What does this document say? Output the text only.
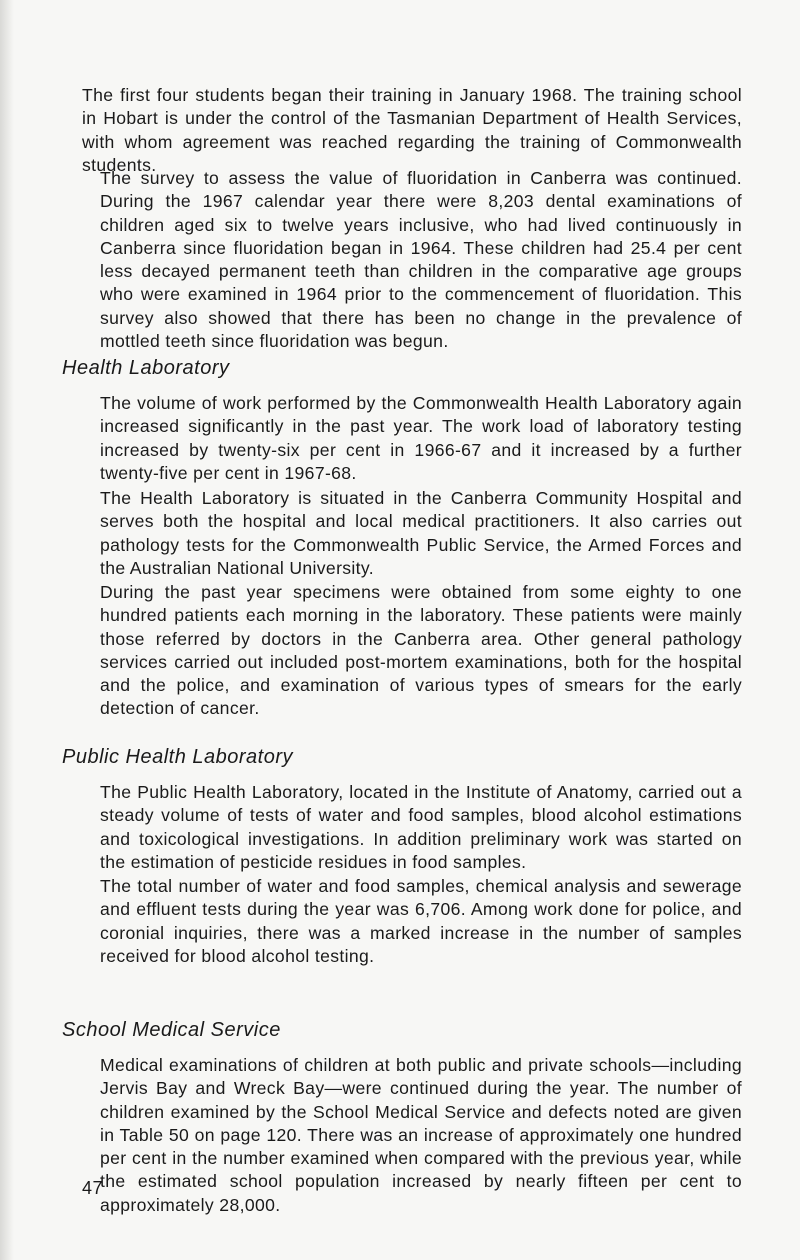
The first four students began their training in January 1968. The training school in Hobart is under the control of the Tasmanian Department of Health Services, with whom agreement was reached regarding the training of Commonwealth students.

The survey to assess the value of fluoridation in Canberra was continued. During the 1967 calendar year there were 8,203 dental examinations of children aged six to twelve years inclusive, who had lived continuously in Canberra since fluoridation began in 1964. These children had 25.4 per cent less decayed permanent teeth than children in the comparative age groups who were examined in 1964 prior to the commencement of fluoridation. This survey also showed that there has been no change in the prevalence of mottled teeth since fluoridation was begun.

Health Laboratory

The volume of work performed by the Commonwealth Health Laboratory again increased significantly in the past year. The work load of laboratory testing increased by twenty-six per cent in 1966-67 and it increased by a further twenty-five per cent in 1967-68.

The Health Laboratory is situated in the Canberra Community Hospital and serves both the hospital and local medical practitioners. It also carries out pathology tests for the Commonwealth Public Service, the Armed Forces and the Australian National University.

During the past year specimens were obtained from some eighty to one hundred patients each morning in the laboratory. These patients were mainly those referred by doctors in the Canberra area. Other general pathology services carried out included post-mortem examinations, both for the hospital and the police, and examination of various types of smears for the early detection of cancer.

Public Health Laboratory

The Public Health Laboratory, located in the Institute of Anatomy, carried out a steady volume of tests of water and food samples, blood alcohol estimations and toxicological investigations. In addition preliminary work was started on the estimation of pesticide residues in food samples.

The total number of water and food samples, chemical analysis and sewerage and effluent tests during the year was 6,706. Among work done for police, and coronial inquiries, there was a marked increase in the number of samples received for blood alcohol testing.

School Medical Service

Medical examinations of children at both public and private schools—including Jervis Bay and Wreck Bay—were continued during the year. The number of children examined by the School Medical Service and defects noted are given in Table 50 on page 120. There was an increase of approximately one hundred per cent in the number examined when compared with the previous year, while the estimated school population increased by nearly fifteen per cent to approximately 28,000.

47
